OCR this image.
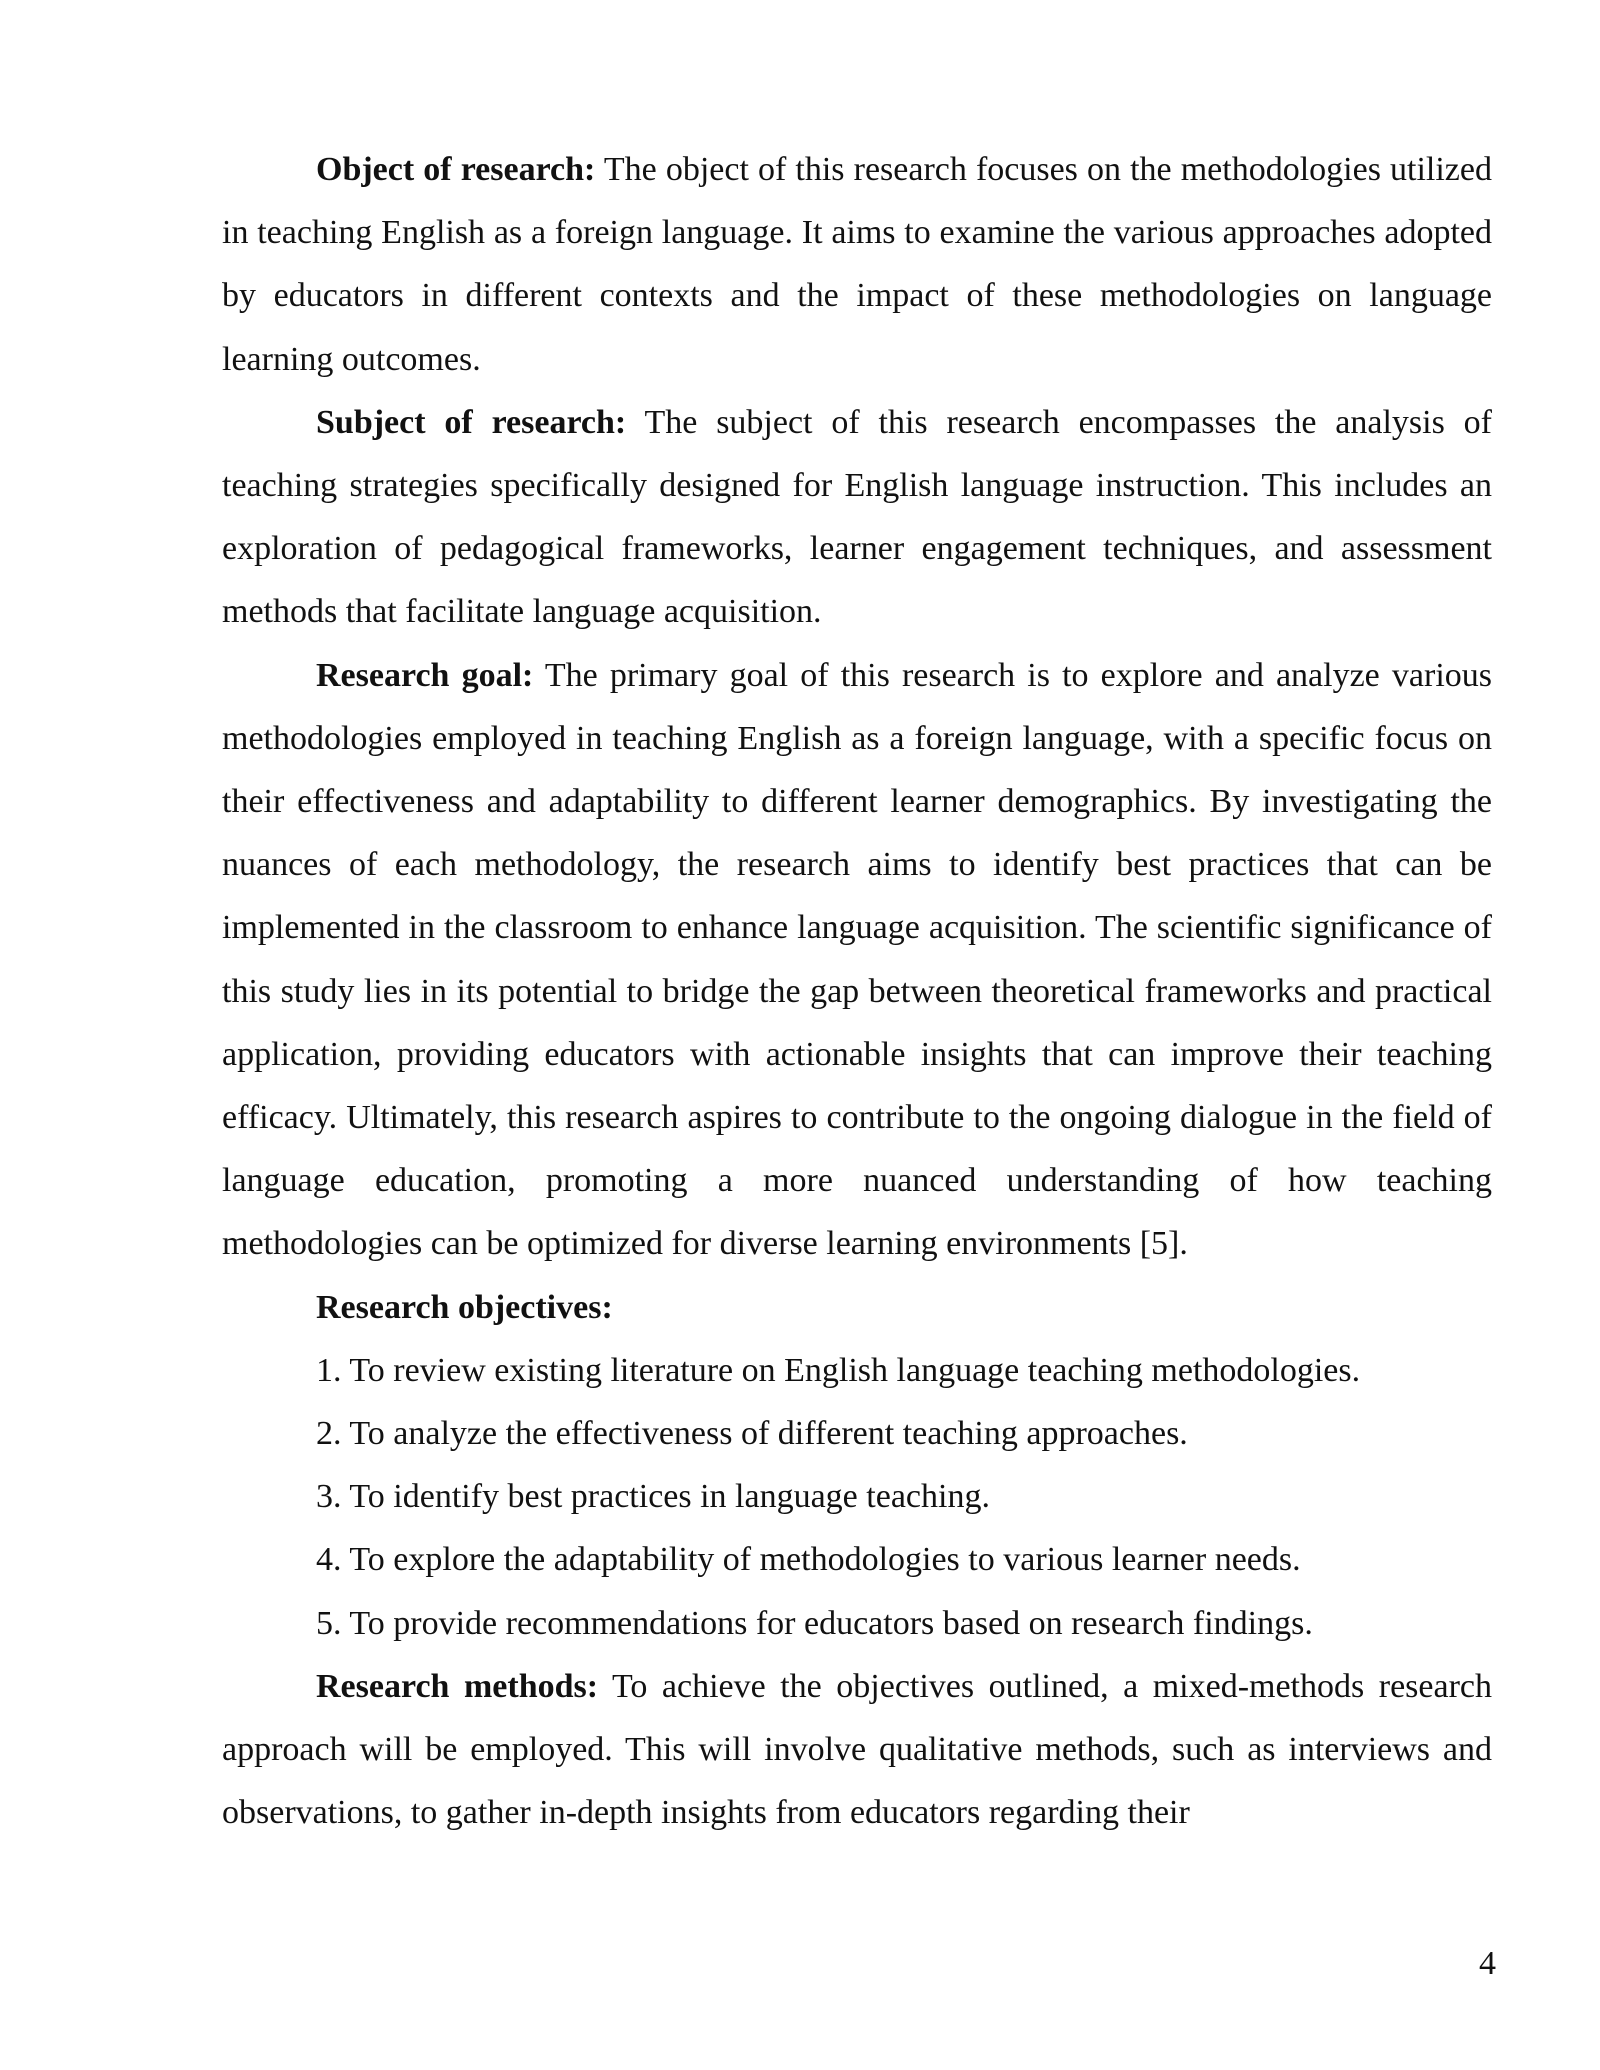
Object of research: The object of this research focuses on the methodologies utilized in teaching English as a foreign language. It aims to examine the various approaches adopted by educators in different contexts and the impact of these methodologies on language learning outcomes.

Subject of research: The subject of this research encompasses the analysis of teaching strategies specifically designed for English language instruction. This includes an exploration of pedagogical frameworks, learner engagement techniques, and assessment methods that facilitate language acquisition.

Research goal: The primary goal of this research is to explore and analyze various methodologies employed in teaching English as a foreign language, with a specific focus on their effectiveness and adaptability to different learner demographics. By investigating the nuances of each methodology, the research aims to identify best practices that can be implemented in the classroom to enhance language acquisition. The scientific significance of this study lies in its potential to bridge the gap between theoretical frameworks and practical application, providing educators with actionable insights that can improve their teaching efficacy. Ultimately, this research aspires to contribute to the ongoing dialogue in the field of language education, promoting a more nuanced understanding of how teaching methodologies can be optimized for diverse learning environments [5].

Research objectives:

1. To review existing literature on English language teaching methodologies.
2. To analyze the effectiveness of different teaching approaches.
3. To identify best practices in language teaching.
4. To explore the adaptability of methodologies to various learner needs.
5. To provide recommendations for educators based on research findings.

Research methods: To achieve the objectives outlined, a mixed-methods research approach will be employed. This will involve qualitative methods, such as interviews and observations, to gather in-depth insights from educators regarding their

4
